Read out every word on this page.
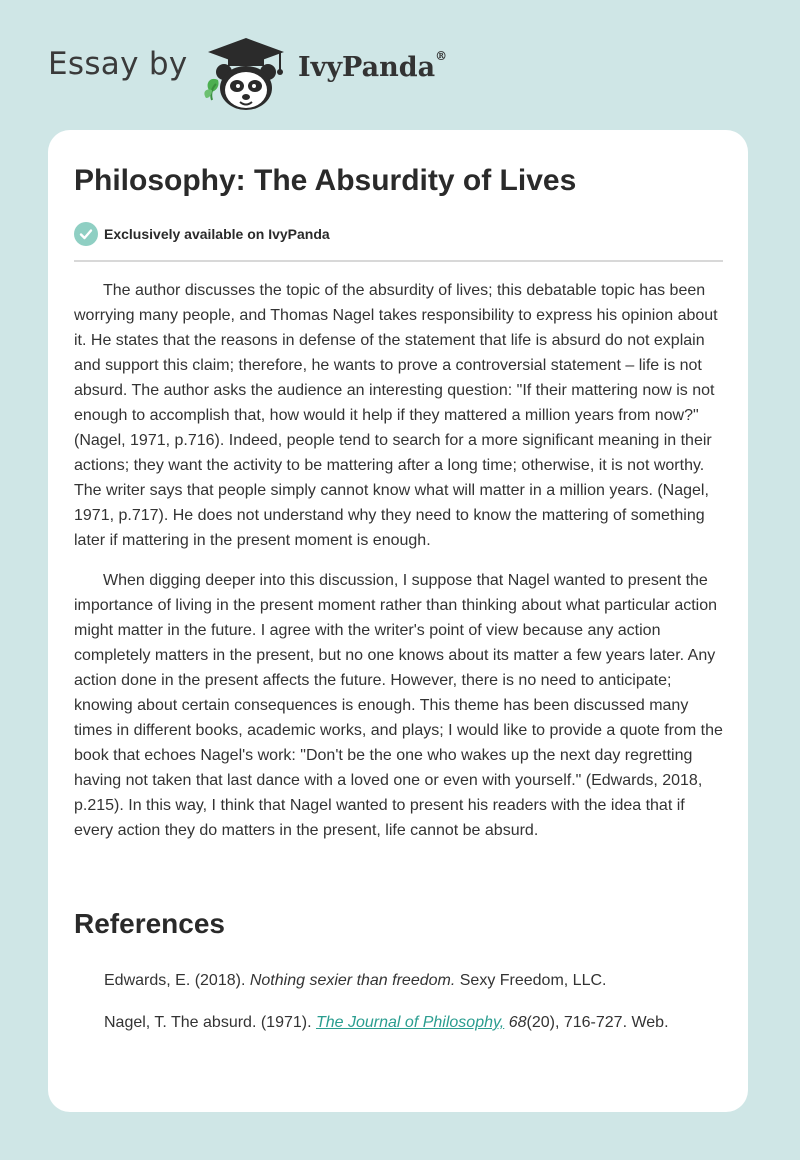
Essay by	IvyPanda®
Philosophy: The Absurdity of Lives
Exclusively available on IvyPanda

The author discusses the topic of the absurdity of lives; this debatable topic has been worrying many people, and Thomas Nagel takes responsibility to express his opinion about it. He states that the reasons in defense of the statement that life is absurd do not explain and support this claim; therefore, he wants to prove a controversial statement – life is not absurd. The author asks the audience an interesting question: "If their mattering now is not enough to accomplish that, how would it help if they mattered a million years from now?" (Nagel, 1971, p.716). Indeed, people tend to search for a more significant meaning in their actions; they want the activity to be mattering after a long time; otherwise, it is not worthy. The writer says that people simply cannot know what will matter in a million years. (Nagel, 1971, p.717). He does not understand why they need to know the mattering of something later if mattering in the present moment is enough.

When digging deeper into this discussion, I suppose that Nagel wanted to present the importance of living in the present moment rather than thinking about what particular action might matter in the future. I agree with the writer's point of view because any action completely matters in the present, but no one knows about its matter a few years later. Any action done in the present affects the future. However, there is no need to anticipate; knowing about certain consequences is enough. This theme has been discussed many times in different books, academic works, and plays; I would like to provide a quote from the book that echoes Nagel's work: "Don't be the one who wakes up the next day regretting having not taken that last dance with a loved one or even with yourself." (Edwards, 2018, p.215). In this way, I think that Nagel wanted to present his readers with the idea that if every action they do matters in the present, life cannot be absurd.

References
Edwards, E. (2018). Nothing sexier than freedom. Sexy Freedom, LLC.
Nagel, T. The absurd. (1971). The Journal of Philosophy, 68(20), 716-727. Web.
